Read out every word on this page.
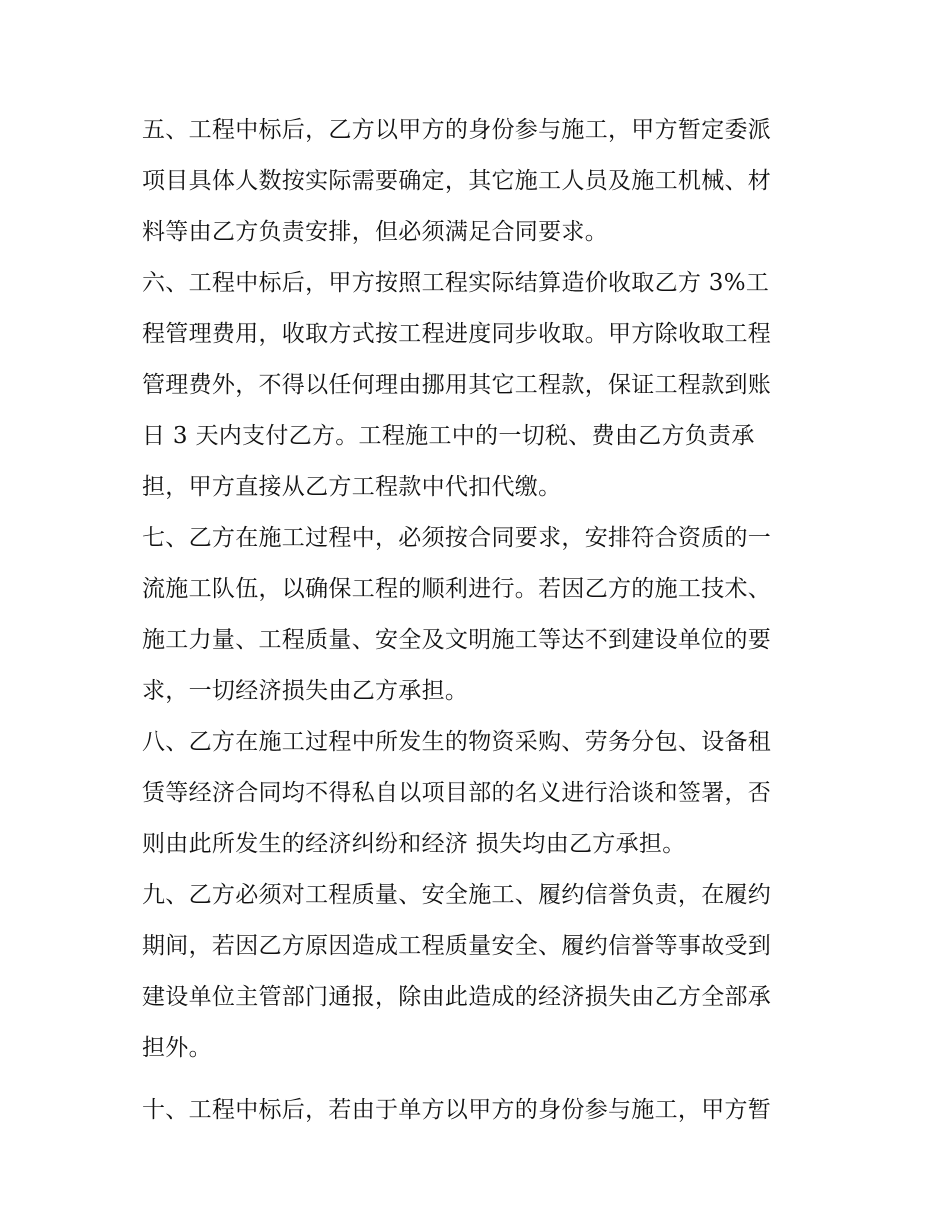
五、工程中标后，乙方以甲方的身份参与施工，甲方暂定委派
项目具体人数按实际需要确定，其它施工人员及施工机械、材
料等由乙方负责安排，但必须满足合同要求。
六、工程中标后，甲方按照工程实际结算造价收取乙方 3%工
程管理费用，收取方式按工程进度同步收取。甲方除收取工程
管理费外，不得以任何理由挪用其它工程款，保证工程款到账
日 3 天内支付乙方。工程施工中的一切税、费由乙方负责承
担，甲方直接从乙方工程款中代扣代缴。
七、乙方在施工过程中，必须按合同要求，安排符合资质的一
流施工队伍，以确保工程的顺利进行。若因乙方的施工技术、
施工力量、工程质量、安全及文明施工等达不到建设单位的要
求，一切经济损失由乙方承担。
八、乙方在施工过程中所发生的物资采购、劳务分包、设备租
赁等经济合同均不得私自以项目部的名义进行洽谈和签署，否
则由此所发生的经济纠纷和经济 损失均由乙方承担。
九、乙方必须对工程质量、安全施工、履约信誉负责，在履约
期间，若因乙方原因造成工程质量安全、履约信誉等事故受到
建设单位主管部门通报，除由此造成的经济损失由乙方全部承
担外。
十、工程中标后，若由于单方以甲方的身份参与施工，甲方暂
